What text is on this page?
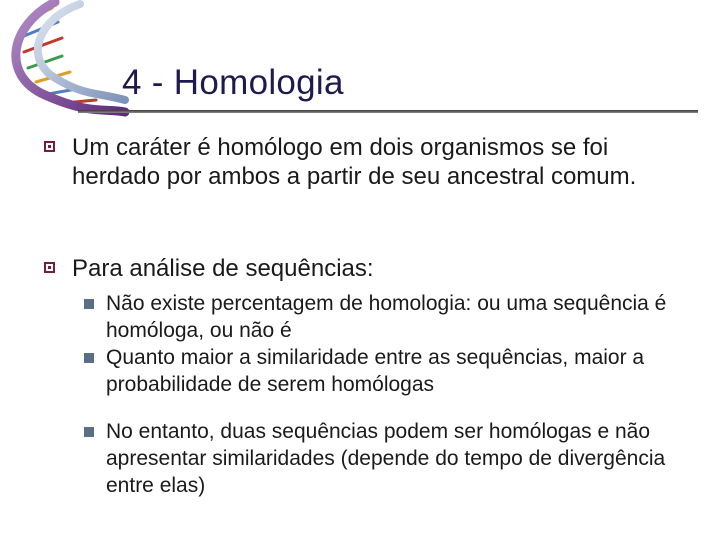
4 - Homologia
Um caráter é homólogo em dois organismos se foi herdado por ambos a partir de seu ancestral comum.
Para análise de sequências:
Não existe percentagem de homologia: ou uma sequência é homóloga, ou não é
Quanto maior a similaridade entre as sequências, maior a probabilidade de serem homólogas
No entanto, duas sequências podem ser homólogas e não apresentar similaridades (depende do tempo de divergência entre elas)
